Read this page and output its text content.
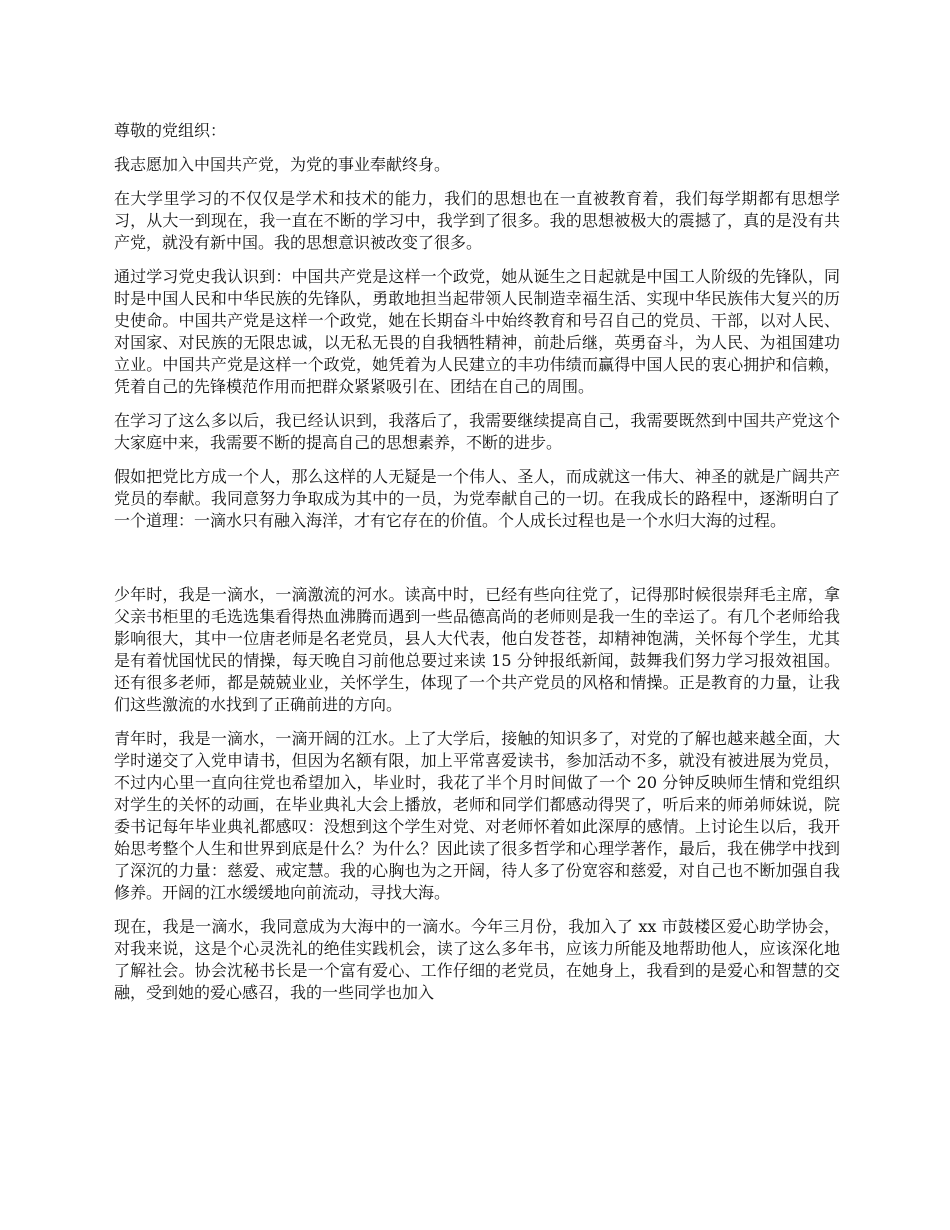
尊敬的党组织：

我志愿加入中国共产党，为党的事业奉献终身。

在大学里学习的不仅仅是学术和技术的能力，我们的思想也在一直被教育着，我们每学期都有思想学习，从大一到现在，我一直在不断的学习中，我学到了很多。我的思想被极大的震撼了，真的是没有共产党，就没有新中国。我的思想意识被改变了很多。

通过学习党史我认识到：中国共产党是这样一个政党，她从诞生之日起就是中国工人阶级的先锋队，同时是中国人民和中华民族的先锋队，勇敢地担当起带领人民制造幸福生活、实现中华民族伟大复兴的历史使命。中国共产党是这样一个政党，她在长期奋斗中始终教育和号召自己的党员、干部，以对人民、对国家、对民族的无限忠诚，以无私无畏的自我牺牲精神，前赴后继，英勇奋斗，为人民、为祖国建功立业。中国共产党是这样一个政党，她凭着为人民建立的丰功伟绩而赢得中国人民的衷心拥护和信赖，凭着自己的先锋模范作用而把群众紧紧吸引在、团结在自己的周围。

在学习了这么多以后，我已经认识到，我落后了，我需要继续提高自己，我需要既然到中国共产党这个大家庭中来，我需要不断的提高自己的思想素养，不断的进步。

假如把党比方成一个人，那么这样的人无疑是一个伟人、圣人，而成就这一伟大、神圣的就是广阔共产党员的奉献。我同意努力争取成为其中的一员，为党奉献自己的一切。在我成长的路程中，逐渐明白了一个道理：一滴水只有融入海洋，才有它存在的价值。个人成长过程也是一个水归大海的过程。

少年时，我是一滴水，一滴激流的河水。读高中时，已经有些向往党了，记得那时候很崇拜毛主席，拿父亲书柜里的毛选选集看得热血沸腾而遇到一些品德高尚的老师则是我一生的幸运了。有几个老师给我影响很大，其中一位唐老师是名老党员，县人大代表，他白发苍苍，却精神饱满，关怀每个学生，尤其是有着忧国忧民的情操，每天晚自习前他总要过来读 15 分钟报纸新闻，鼓舞我们努力学习报效祖国。还有很多老师，都是兢兢业业，关怀学生，体现了一个共产党员的风格和情操。正是教育的力量，让我们这些激流的水找到了正确前进的方向。

青年时，我是一滴水，一滴开阔的江水。上了大学后，接触的知识多了，对党的了解也越来越全面，大学时递交了入党申请书，但因为名额有限，加上平常喜爱读书，参加活动不多，就没有被进展为党员，不过内心里一直向往党也希望加入，毕业时，我花了半个月时间做了一个 20 分钟反映师生情和党组织对学生的关怀的动画，在毕业典礼大会上播放，老师和同学们都感动得哭了，听后来的师弟师妹说，院委书记每年毕业典礼都感叹：没想到这个学生对党、对老师怀着如此深厚的感情。上讨论生以后，我开始思考整个人生和世界到底是什么？为什么？因此读了很多哲学和心理学著作，最后，我在佛学中找到了深沉的力量：慈爱、戒定慧。我的心胸也为之开阔，待人多了份宽容和慈爱，对自己也不断加强自我修养。开阔的江水缓缓地向前流动，寻找大海。

现在，我是一滴水，我同意成为大海中的一滴水。今年三月份，我加入了 xx 市鼓楼区爱心助学协会，对我来说，这是个心灵洗礼的绝佳实践机会，读了这么多年书，应该力所能及地帮助他人，应该深化地了解社会。协会沈秘书长是一个富有爱心、工作仔细的老党员，在她身上，我看到的是爱心和智慧的交融，受到她的爱心感召，我的一些同学也加入
